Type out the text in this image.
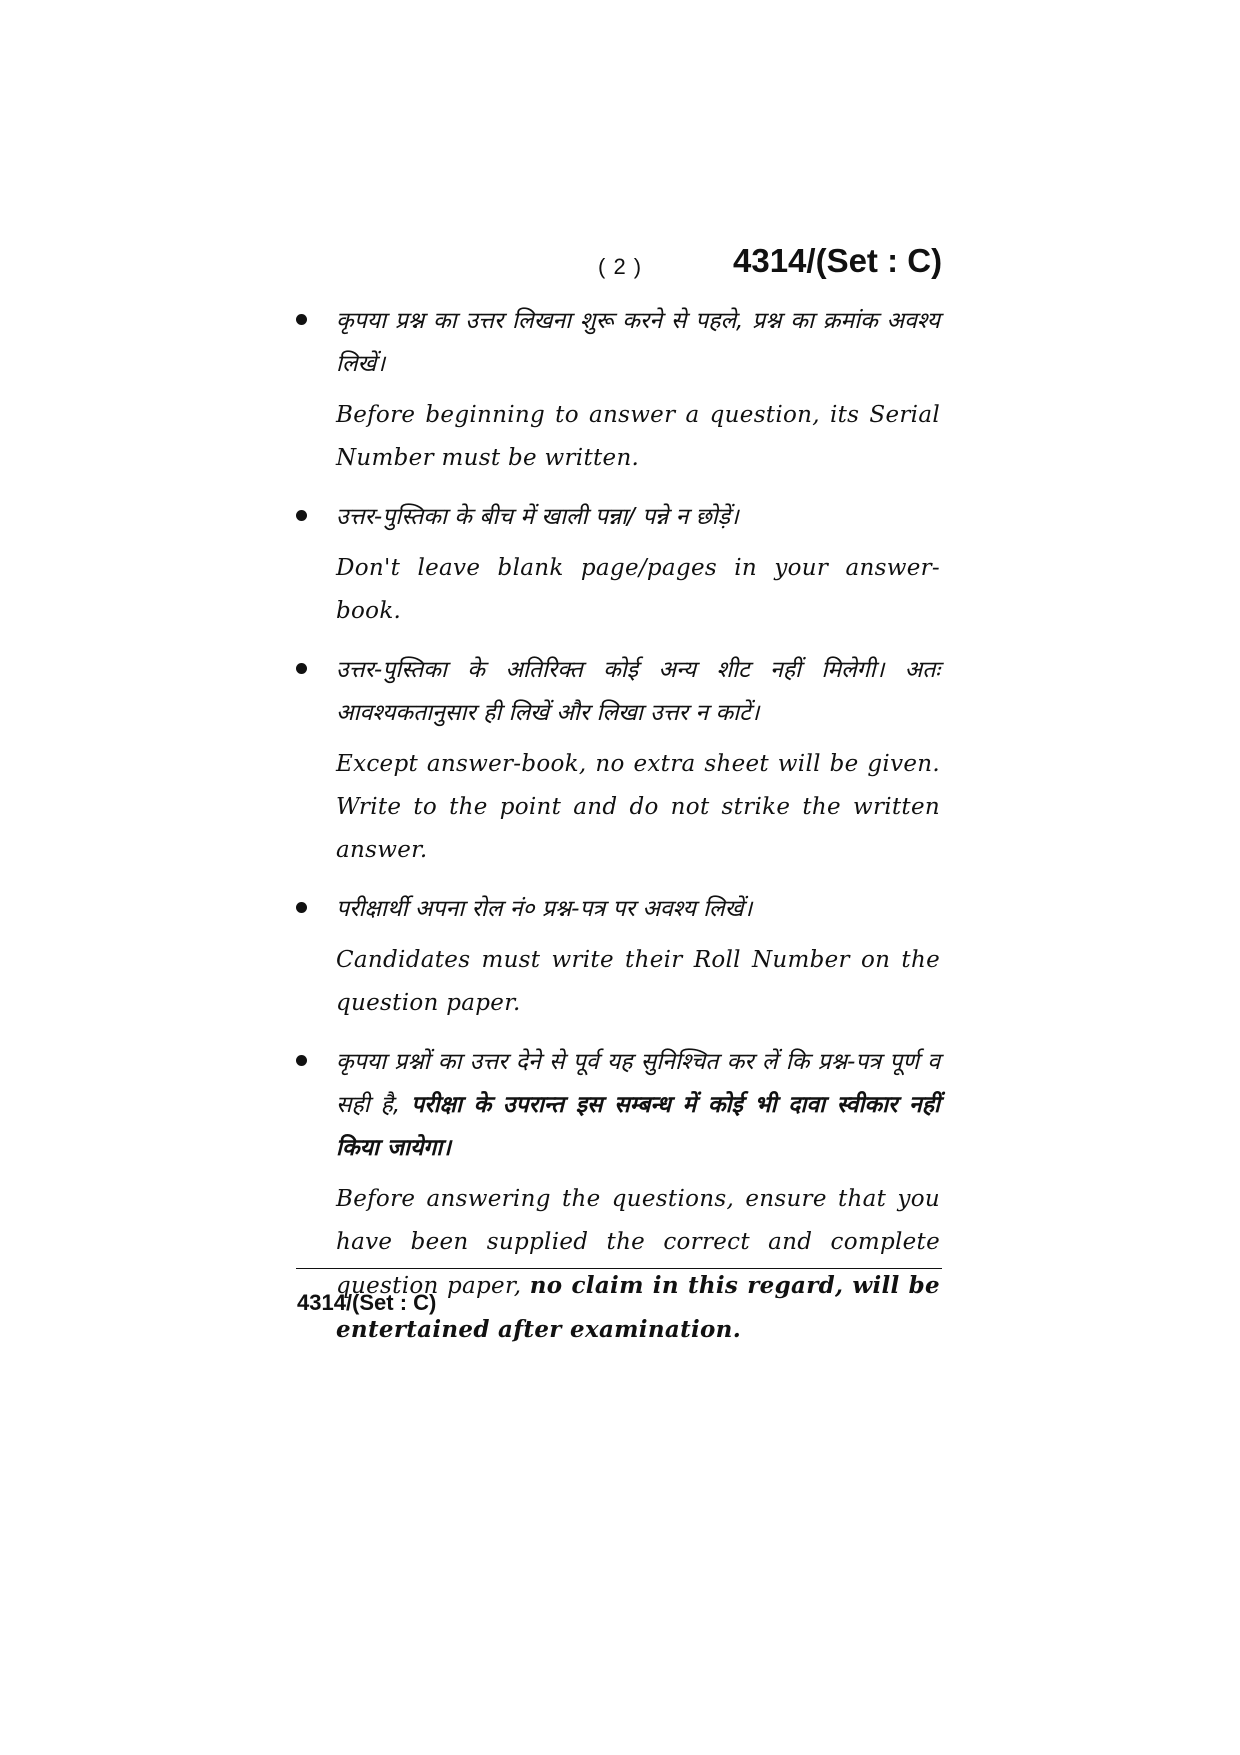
( 2 )	4314/(Set : C)

कृपया प्रश्न का उत्तर लिखना शुरू करने से पहले, प्रश्न का क्रमांक अवश्य लिखें।

Before beginning to answer a question, its Serial Number must be written.

उत्तर-पुस्तिका के बीच में खाली पन्ना/ पन्ने न छोड़ें।

Don't leave blank page/pages in your answer-book.

उत्तर-पुस्तिका के अतिरिक्त कोई अन्य शीट नहीं मिलेगी। अतः आवश्यकतानुसार ही लिखें और लिखा उत्तर न काटें।

Except answer-book, no extra sheet will be given. Write to the point and do not strike the written answer.

परीक्षार्थी अपना रोल नं० प्रश्न-पत्र पर अवश्य लिखें।

Candidates must write their Roll Number on the question paper.

कृपया प्रश्नों का उत्तर देने से पूर्व यह सुनिश्चित कर लें कि प्रश्न-पत्र पूर्ण व सही है, परीक्षा के उपरान्त इस सम्बन्ध में कोई भी दावा स्वीकार नहीं किया जायेगा।

Before answering the questions, ensure that you have been supplied the correct and complete question paper, no claim in this regard, will be entertained after examination.

4314/(Set : C)
